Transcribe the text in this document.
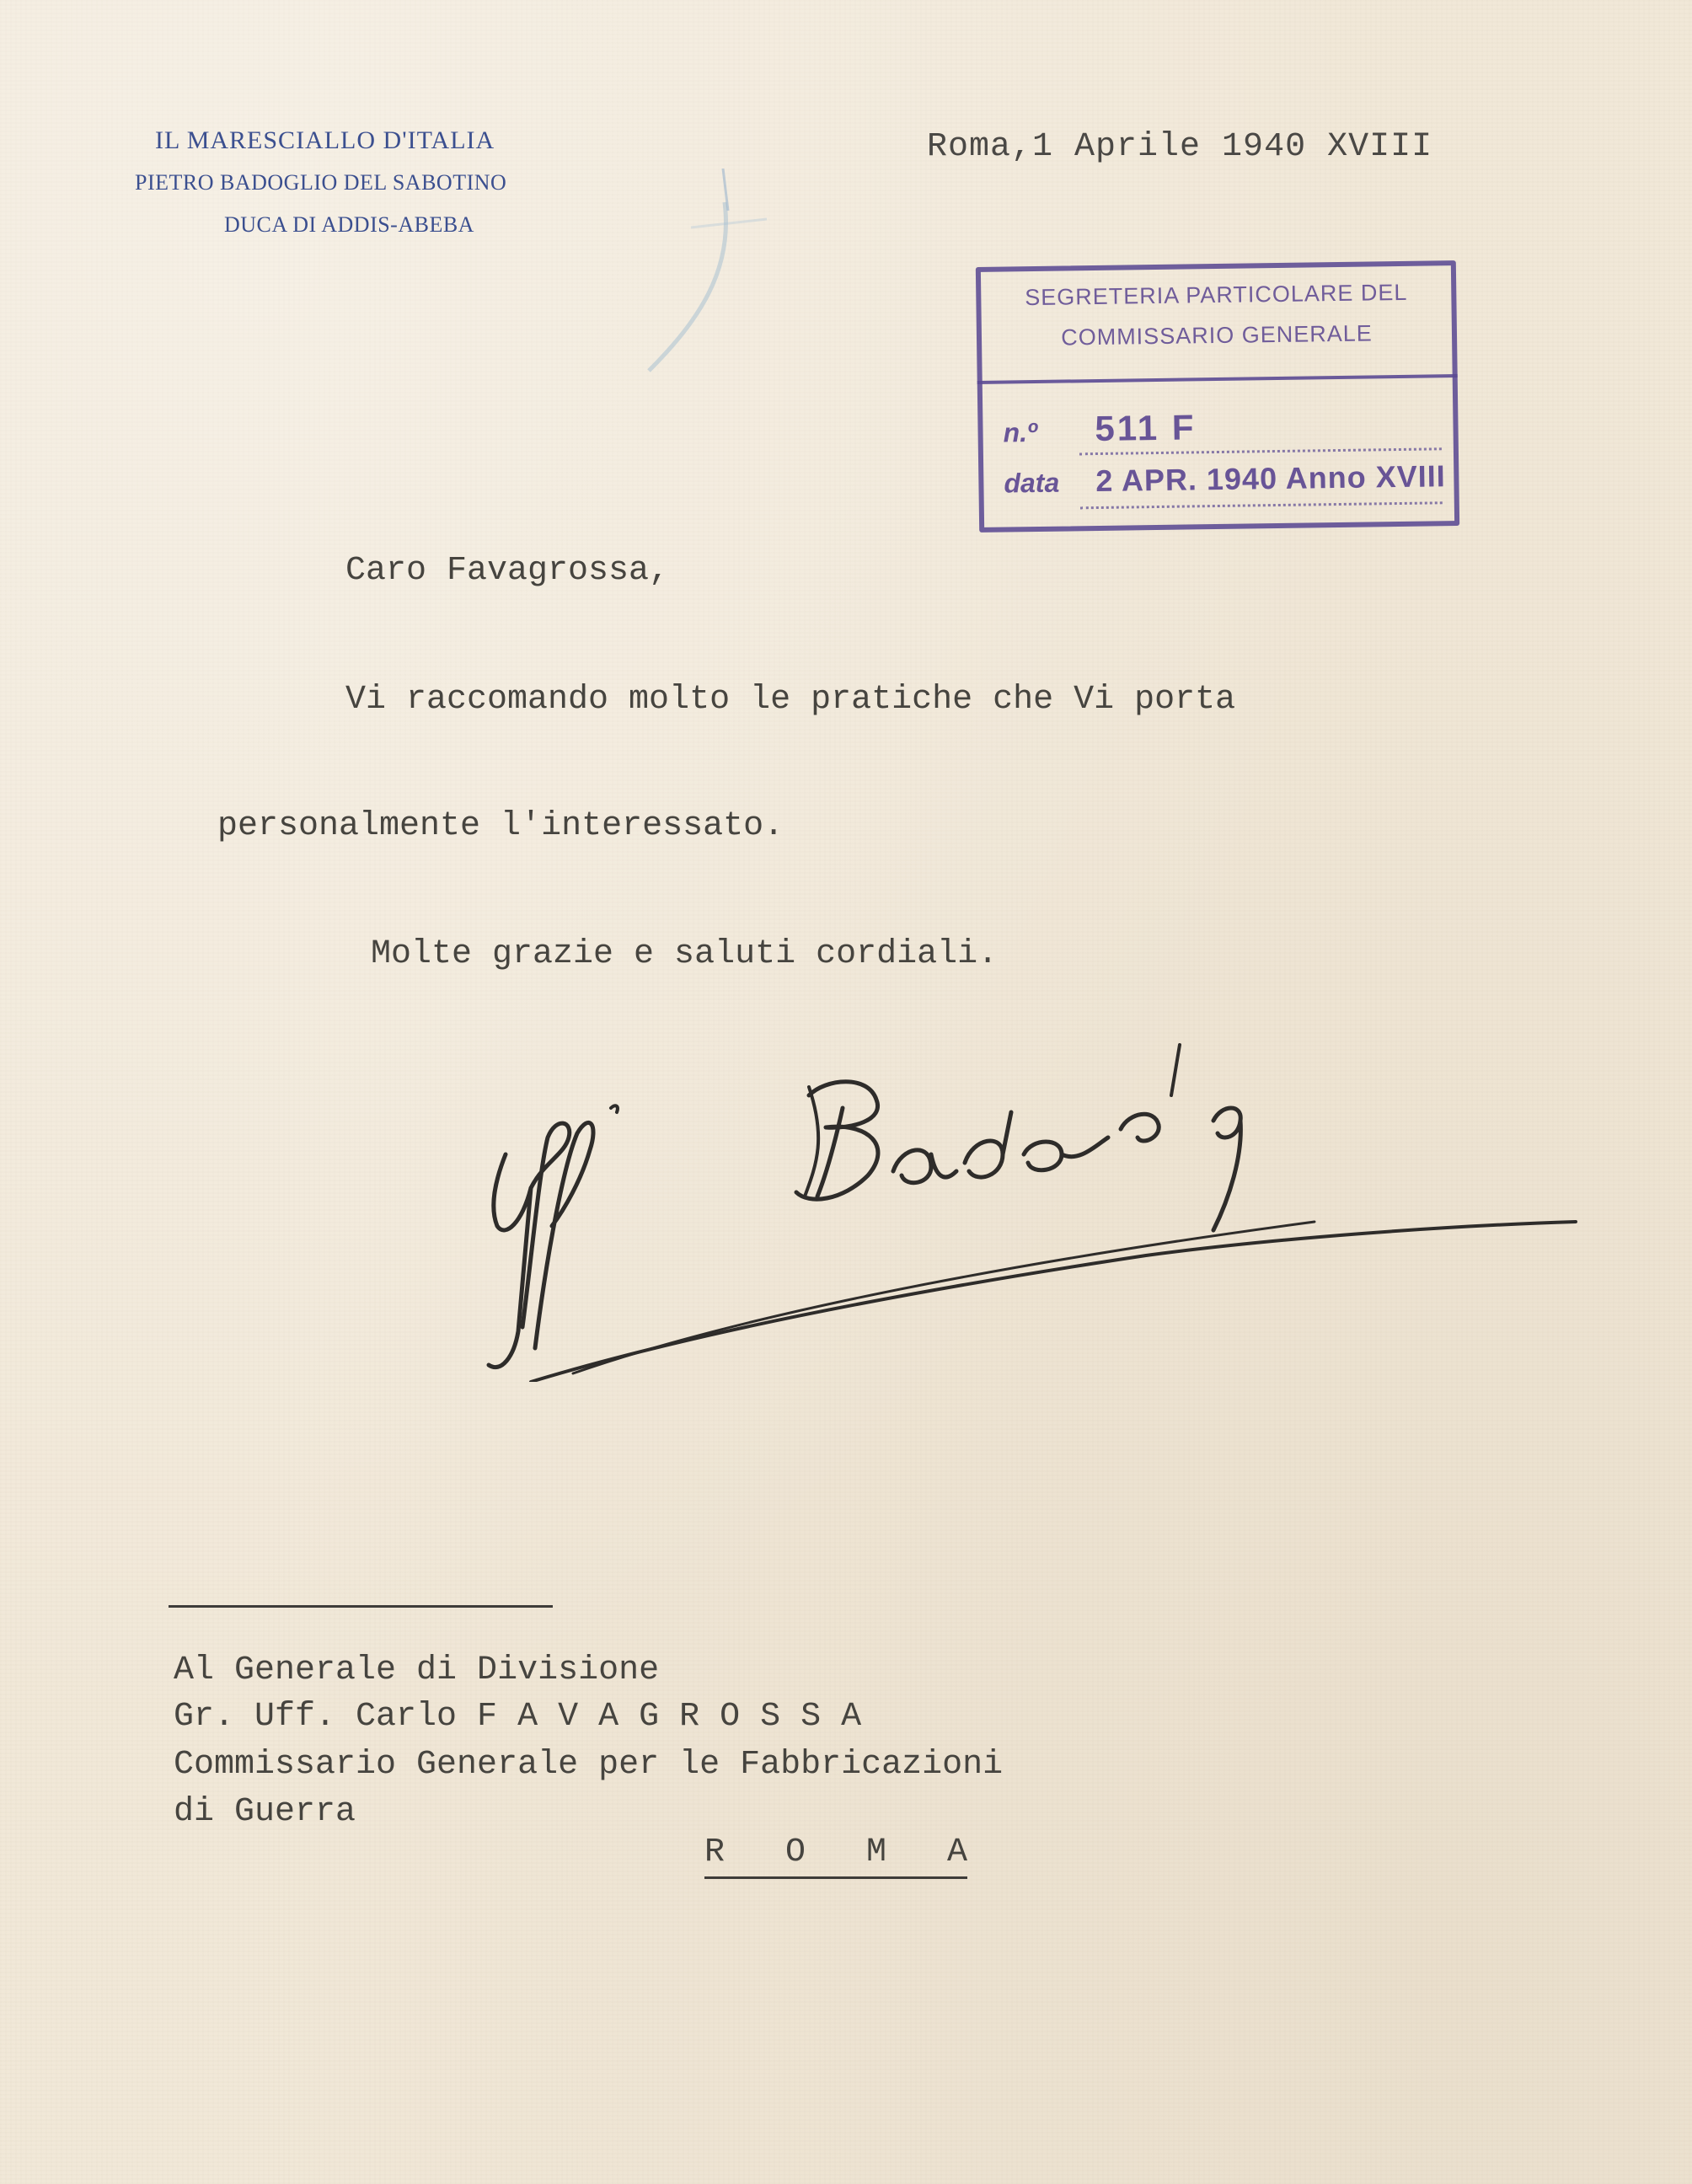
IL MARESCIALLO D'ITALIA
PIETRO BADOGLIO DEL SABOTINO
DUCA DI ADDIS-ABEBA
Roma,1 Aprile 1940 XVIII
SEGRETERIA PARTICOLARE DEL
COMMISSARIO GENERALE
n.º 511 F
data 2 APR. 1940 Anno XVIII
Caro Favagrossa,
Vi raccomando molto le pratiche che Vi porta
personalmente l'interessato.
Molte grazie e saluti cordiali.
Al Generale di Divisione
Gr. Uff. Carlo F A V A G R O S S A
Commissario Generale per le Fabbricazioni
di Guerra
R   O   M   A
